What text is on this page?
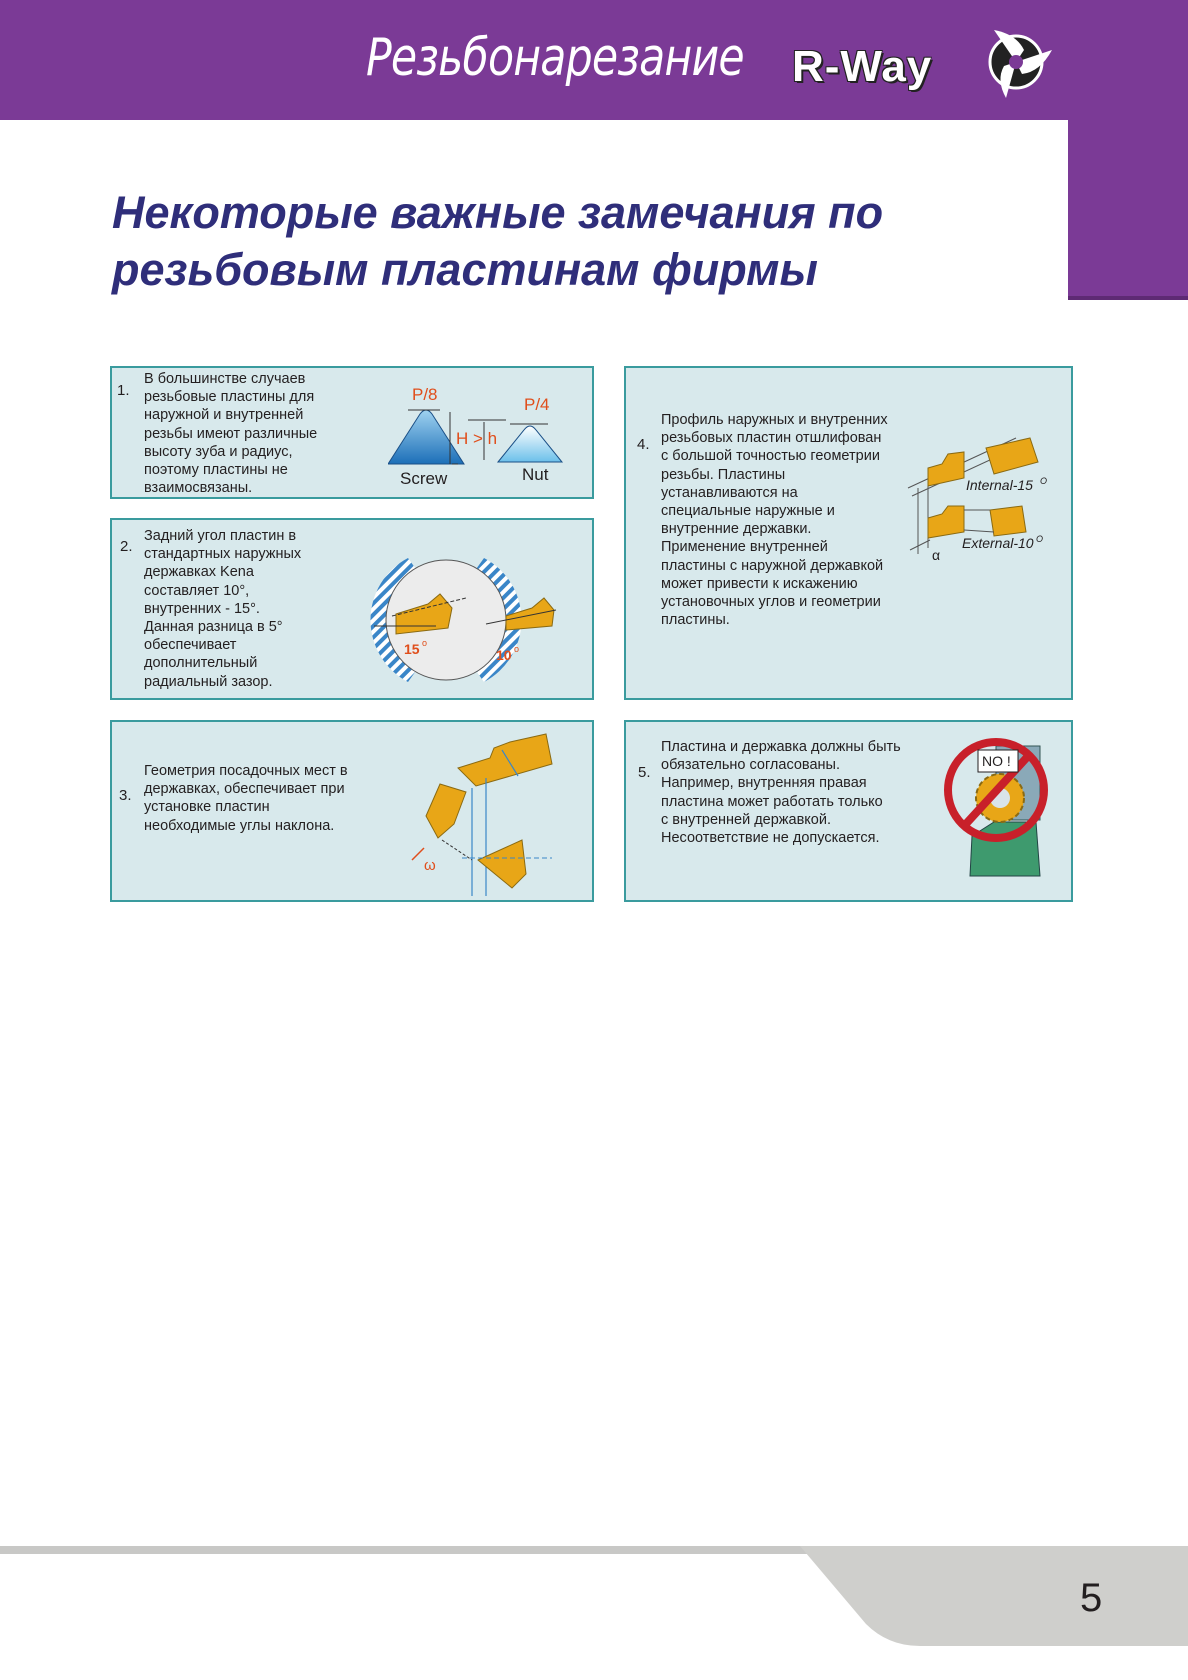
Резьбонарезание R-Way
Некоторые важные замечания по
резьбовым пластинам фирмы
1.

В большинстве случаев
резьбовые пластины для
наружной и внутренней
резьбы имеют различные
высоту зуба и радиус,
поэтому пластины не
взаимосвязаны.

P/8
P/4
H > h
Screw	Nut
2.

Задний угол пластин в
стандартных наружных
державках Kena
составляет 10°,
внутренних - 15°.
Данная разница в 5°
обеспечивает
дополнительный
радиальный зазор.

15 o
10 o
3.

Геометрия посадочных мест в
державках, обеспечивает при
установке пластин
необходимые углы наклона.

ω
4.

Профиль наружных и внутренних
резьбовых пластин отшлифован
с большой точностью геометрии
резьбы. Пластины
устанавливаются на
специальные наружные и
внутренние державки.
Применение внутренней
пластины с наружной державкой
может привести к искажению
установочных углов и геометрии
пластины.

Internal-15 O
External-10 O
α
5.

Пластина и державка должны быть
обязательно согласованы.
Например, внутренняя правая
пластина может работать только
с внутренней державкой.
Несоответствие не допускается.

NO !
5
